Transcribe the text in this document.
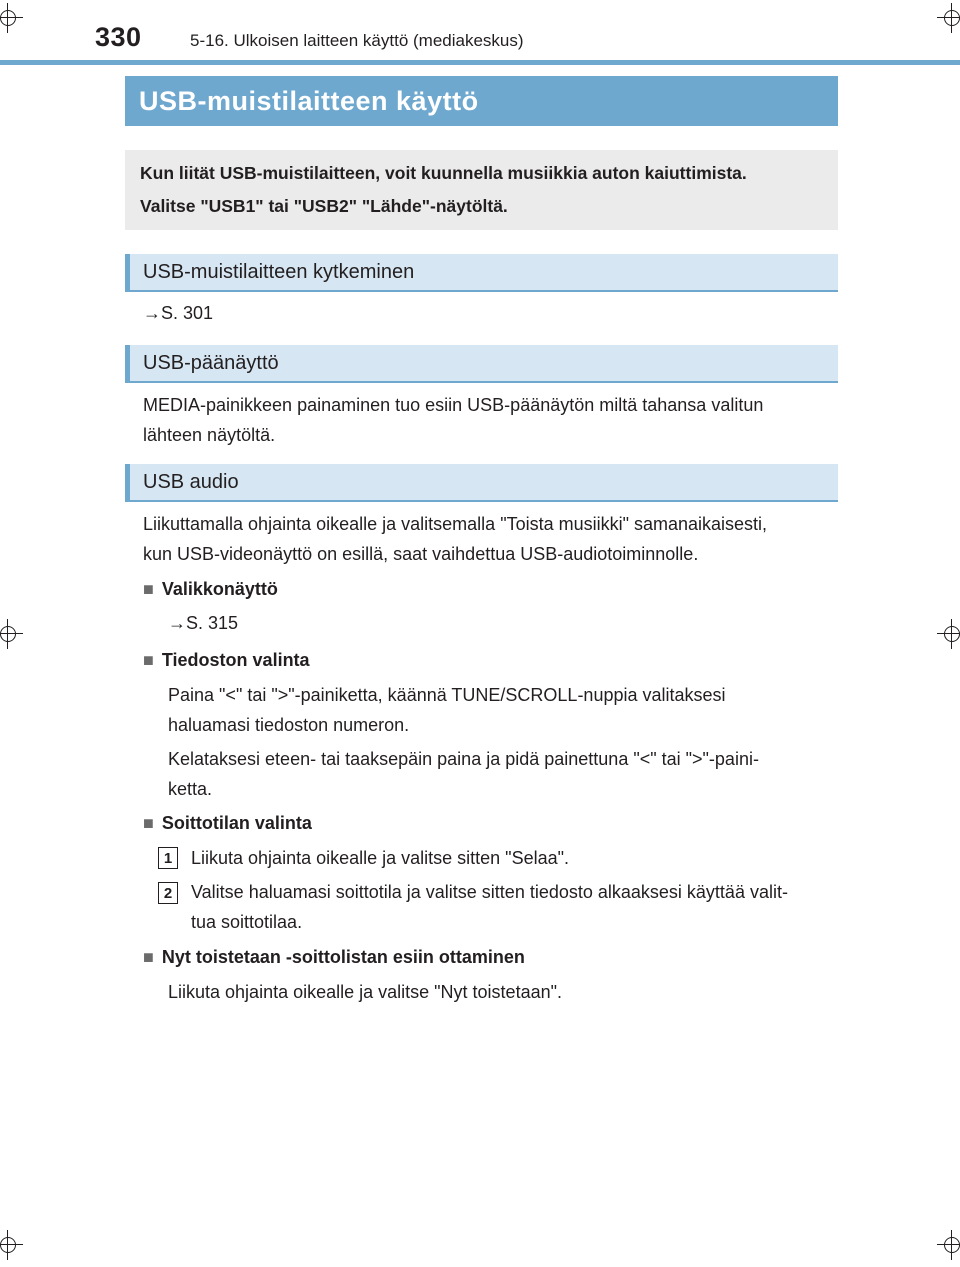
330	5-16. Ulkoisen laitteen käyttö (mediakeskus)
USB-muistilaitteen käyttö
Kun liität USB-muistilaitteen, voit kuunnella musiikkia auton kaiuttimista.
Valitse "USB1" tai "USB2" "Lähde"-näytöltä.
USB-muistilaitteen kytkeminen
→S. 301
USB-päänäyttö
MEDIA-painikkeen painaminen tuo esiin USB-päänäytön miltä tahansa valitun
lähteen näytöltä.
USB audio
Liikuttamalla ohjainta oikealle ja valitsemalla "Toista musiikki" samanaikaisesti,
kun USB-videonäyttö on esillä, saat vaihdettua USB-audiotoiminnolle.
■ Valikkonäyttö
→S. 315
■ Tiedoston valinta
Paina "<" tai ">"-painiketta, käännä TUNE/SCROLL-nuppia valitaksesi
haluamasi tiedoston numeron.
Kelataksesi eteen- tai taaksepäin paina ja pidä painettuna "<" tai ">"-paini-
ketta.
■ Soittotilan valinta
1	Liikuta ohjainta oikealle ja valitse sitten "Selaa".
2	Valitse haluamasi soittotila ja valitse sitten tiedosto alkaaksesi käyttää valit-
tua soittotilaa.
■ Nyt toistetaan -soittolistan esiin ottaminen
Liikuta ohjainta oikealle ja valitse "Nyt toistetaan".
